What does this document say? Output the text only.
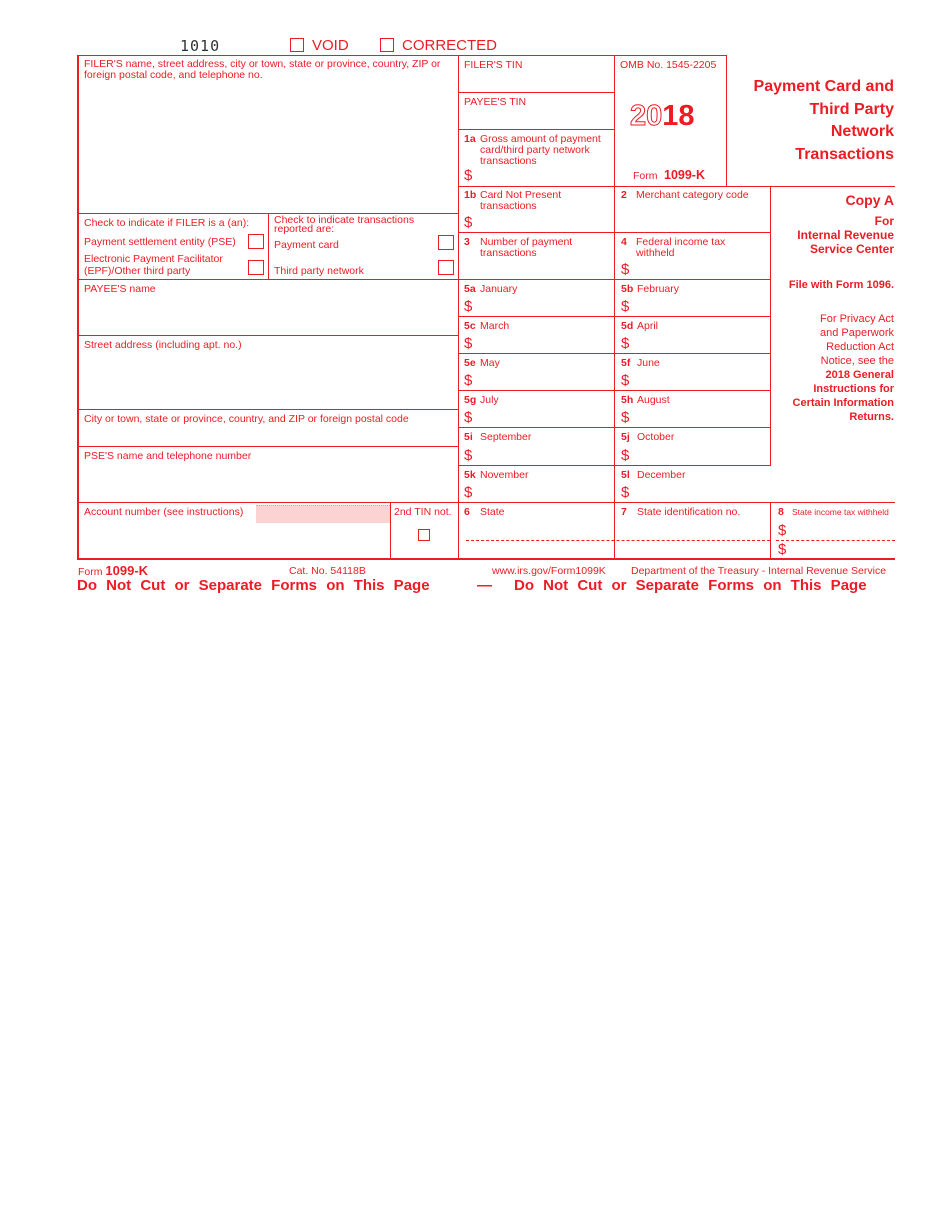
1010	VOID	CORRECTED
FILER'S name, street address, city or town, state or province, country, ZIP or foreign postal code, and telephone no.
FILER'S TIN
PAYEE'S TIN
Check to indicate if FILER is a (an):
Payment settlement entity (PSE)
Electronic Payment Facilitator
(EPF)/Other third party
Check to indicate transactions
reported are:
Payment card
Third party network
OMB No. 1545-2205
2018
Form 1099-K
Payment Card and
Third Party
Network
Transactions
Copy A
For
Internal Revenue
Service Center
File with Form 1096.
For Privacy Act
and Paperwork
Reduction Act
Notice, see the
2018 General
Instructions for
Certain Information
Returns.
1a Gross amount of payment
card/third party network
transactions
$
1b Card Not Present
transactions
$
2 Merchant category code
3 Number of payment
transactions
4 Federal income tax
withheld
$
5a January
$
5b February
$
5c March
$
5d April
$
5e May
$
5f June
$
5g July
$
5h August
$
5i September
$
5j October
$
5k November
$
5l December
$
6 State	7 State identification no.	8 State income tax withheld
$
$
PAYEE'S name
Street address (including apt. no.)
City or town, state or province, country, and ZIP or foreign postal code
PSE'S name and telephone number
Account number (see instructions)	2nd TIN not.
Form 1099-K	Cat. No. 54118B	www.irs.gov/Form1099K Department of the Treasury - Internal Revenue Service
Do Not Cut or Separate Forms on This Page	— Do Not Cut or Separate Forms on This Page
